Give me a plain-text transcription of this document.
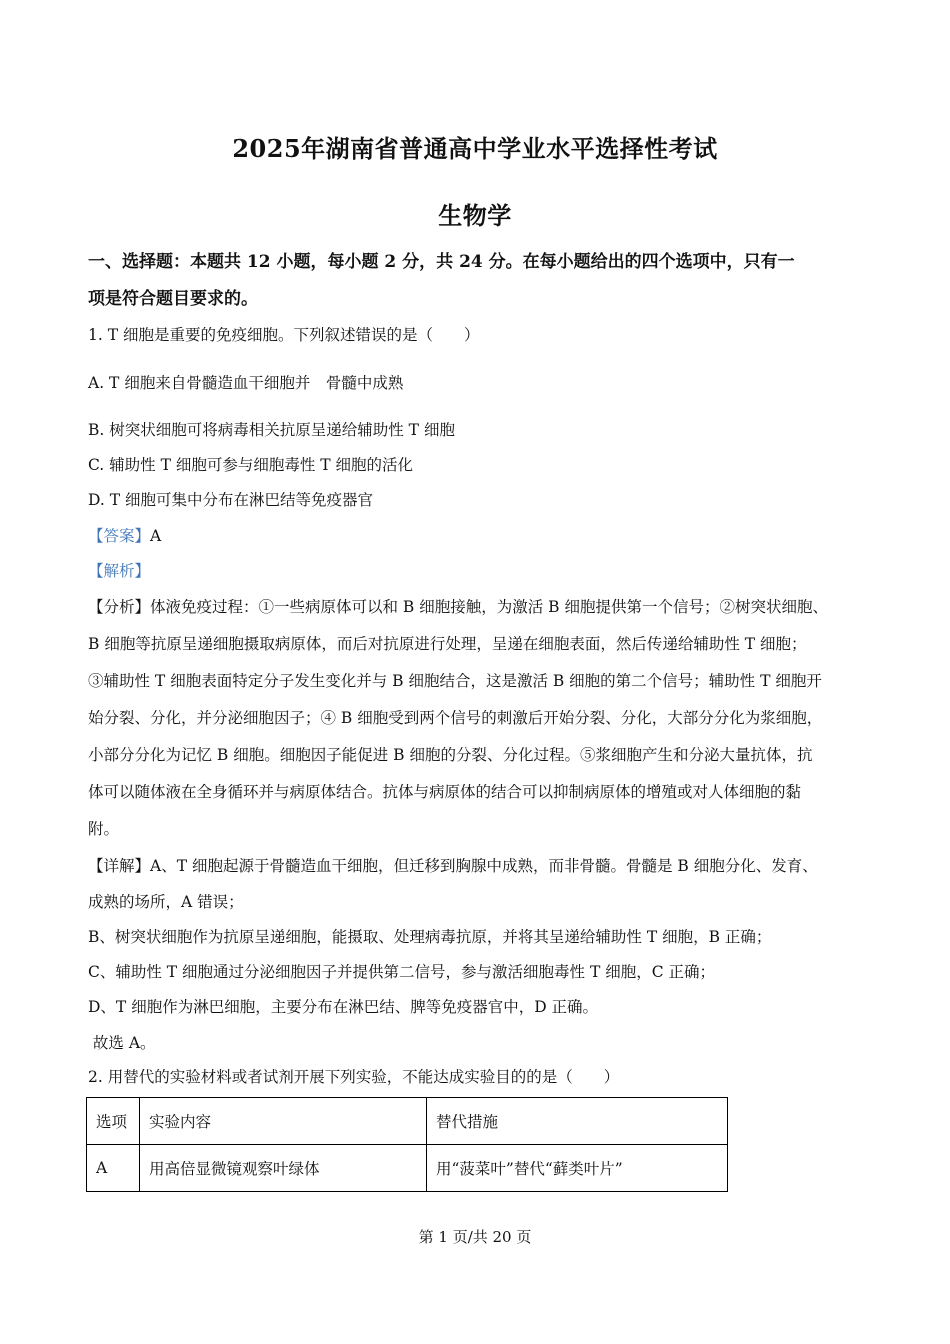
2025年湖南省普通高中学业水平选择性考试
生物学
一、选择题：本题共 12 小题，每小题 2 分，共 24 分。在每小题给出的四个选项中，只有一
项是符合题目要求的。
1. T 细胞是重要的免疫细胞。下列叙述错误的是（　　）
A. T 细胞来自骨髓造血干细胞并　骨髓中成熟
B. 树突状细胞可将病毒相关抗原呈递给辅助性 T 细胞
C. 辅助性 T 细胞可参与细胞毒性 T 细胞的活化
D. T 细胞可集中分布在淋巴结等免疫器官
【答案】A
【解析】
【分析】体液免疫过程：①一些病原体可以和 B 细胞接触，为激活 B 细胞提供第一个信号；②树突状细胞、
B 细胞等抗原呈递细胞摄取病原体，而后对抗原进行处理，呈递在细胞表面，然后传递给辅助性 T 细胞；
③辅助性 T 细胞表面特定分子发生变化并与 B 细胞结合，这是激活 B 细胞的第二个信号；辅助性 T 细胞开
始分裂、分化，并分泌细胞因子；④ B 细胞受到两个信号的刺激后开始分裂、分化，大部分分化为浆细胞，
小部分分化为记忆 B 细胞。细胞因子能促进 B 细胞的分裂、分化过程。⑤浆细胞产生和分泌大量抗体，抗
体可以随体液在全身循环并与病原体结合。抗体与病原体的结合可以抑制病原体的增殖或对人体细胞的黏
附。
【详解】A、T 细胞起源于骨髓造血干细胞，但迁移到胸腺中成熟，而非骨髓。骨髓是 B 细胞分化、发育、
成熟的场所，A 错误；
B、树突状细胞作为抗原呈递细胞，能摄取、处理病毒抗原，并将其呈递给辅助性 T 细胞，B 正确；
C、辅助性 T 细胞通过分泌细胞因子并提供第二信号，参与激活细胞毒性 T 细胞，C 正确；
D、T 细胞作为淋巴细胞，主要分布在淋巴结、脾等免疫器官中，D 正确。
故选 A。
2. 用替代的实验材料或者试剂开展下列实验，不能达成实验目的的是（　　）
选项	实验内容	替代措施
A	用高倍显微镜观察叶绿体	用“菠菜叶”替代“藓类叶片”
第 1 页/共 20 页
